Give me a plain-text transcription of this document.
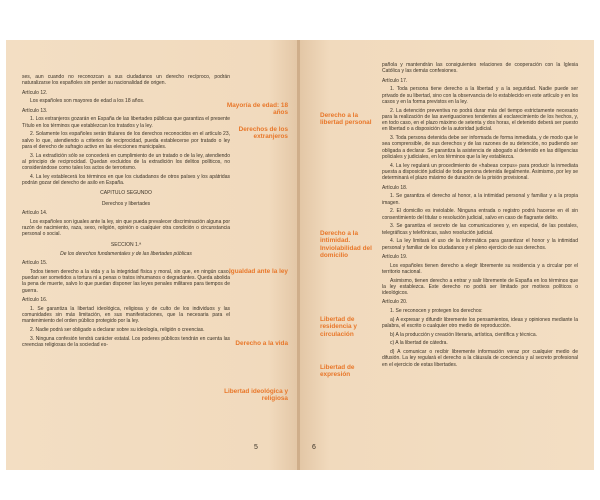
ses, aun cuando no reconozcan a sus ciudadanos un derecho recíproco, podrán naturalizarse los españoles sin perder su nacionalidad de origen.

Artículo 12.

Los españoles son mayores de edad a los 18 años.

Artículo 13.

1. Los extranjeros gozarán en España de las libertades públicas que garantiza el presente Título en los términos que establezcan los tratados y la ley.

2. Solamente los españoles serán titulares de los derechos reconocidos en el artículo 23, salvo lo que, atendiendo a criterios de reciprocidad, pueda establecerse por tratado o ley para el derecho de sufragio activo en las elecciones municipales.

3. La extradición sólo se concederá en cumplimiento de un tratado o de la ley, atendiendo al principio de reciprocidad. Quedan excluidos de la extradición los delitos políticos, no considerándose como tales los actos de terrorismo.

4. La ley establecerá los términos en que los ciudadanos de otros países y los apátridas podrán gozar del derecho de asilo en España.

CAPITULO SEGUNDO

Derechos y libertades

Artículo 14.

Los españoles son iguales ante la ley, sin que pueda prevalecer discriminación alguna por razón de nacimiento, raza, sexo, religión, opinión o cualquier otra condición o circunstancia personal o social.

SECCION 1.ª

De los derechos fundamentales y de las libertades públicas

Artículo 15.

Todos tienen derecho a la vida y a la integridad física y moral, sin que, en ningún caso, puedan ser sometidos a tortura ni a penas o tratos inhumanos o degradantes. Queda abolida la pena de muerte, salvo lo que puedan disponer las leyes penales militares para tiempos de guerra.

Artículo 16.

1. Se garantiza la libertad ideológica, religiosa y de culto de los individuos y las comunidades sin más limitación, en sus manifestaciones, que la necesaria para el mantenimiento del orden público protegido por la ley.

2. Nadie podrá ser obligado a declarar sobre su ideología, religión o creencias.

3. Ninguna confesión tendrá carácter estatal. Los poderes públicos tendrán en cuenta las creencias religiosas de la sociedad es-

Mayoría de edad: 18 años
Derechos de los extranjeros
Igualdad ante la ley
Derecho a la vida
Libertad ideológica y religiosa
5

pañola y mantendrán las consiguientes relaciones de cooperación con la Iglesia Católica y las demás confesiones.

Artículo 17.

1. Toda persona tiene derecho a la libertad y a la seguridad. Nadie puede ser privado de su libertad, sino con la observancia de lo establecido en este artículo y en los casos y en la forma previstos en la ley.

2. La detención preventiva no podrá durar más del tiempo estrictamente necesario para la realización de las averiguaciones tendentes al esclarecimiento de los hechos, y, en todo caso, en el plazo máximo de setenta y dos horas, el detenido deberá ser puesto en libertad o a disposición de la autoridad judicial.

3. Toda persona detenida debe ser informada de forma inmediata, y de modo que le sea comprensible, de sus derechos y de las razones de su detención, no pudiendo ser obligada a declarar. Se garantiza la asistencia de abogado al detenido en las diligencias policiales y judiciales, en los términos que la ley establezca.

4. La ley regulará un procedimiento de «habeas corpus» para producir la inmediata puesta a disposición judicial de toda persona detenida ilegalmente. Asimismo, por ley se determinará el plazo máximo de duración de la prisión provisional.

Artículo 18.

1. Se garantiza el derecho al honor, a la intimidad personal y familiar y a la propia imagen.

2. El domicilio es inviolable. Ninguna entrada o registro podrá hacerse en él sin consentimiento del titular o resolución judicial, salvo en caso de flagrante delito.

3. Se garantiza el secreto de las comunicaciones y, en especial, de las postales, telegráficas y telefónicas, salvo resolución judicial.

4. La ley limitará el uso de la informática para garantizar el honor y la intimidad personal y familiar de los ciudadanos y el pleno ejercicio de sus derechos.

Artículo 19.

Los españoles tienen derecho a elegir libremente su residencia y a circular por el territorio nacional.

Asimismo, tienen derecho a entrar y salir libremente de España en los términos que la ley establezca. Este derecho no podrá ser limitado por motivos políticos o ideológicos.

Artículo 20.

1. Se reconocen y protegen los derechos:

a) A expresar y difundir libremente los pensamientos, ideas y opiniones mediante la palabra, el escrito o cualquier otro medio de reproducción.

b) A la producción y creación literaria, artística, científica y técnica.

c) A la libertad de cátedra.

d) A comunicar o recibir libremente información veraz por cualquier medio de difusión. La ley regulará el derecho a la cláusula de conciencia y al secreto profesional en el ejercicio de estas libertades.

Derecho a la libertad personal
Derecho a la intimidad. Inviolabilidad del domicilio
Libertad de residencia y circulación
Libertad de expresión
6
